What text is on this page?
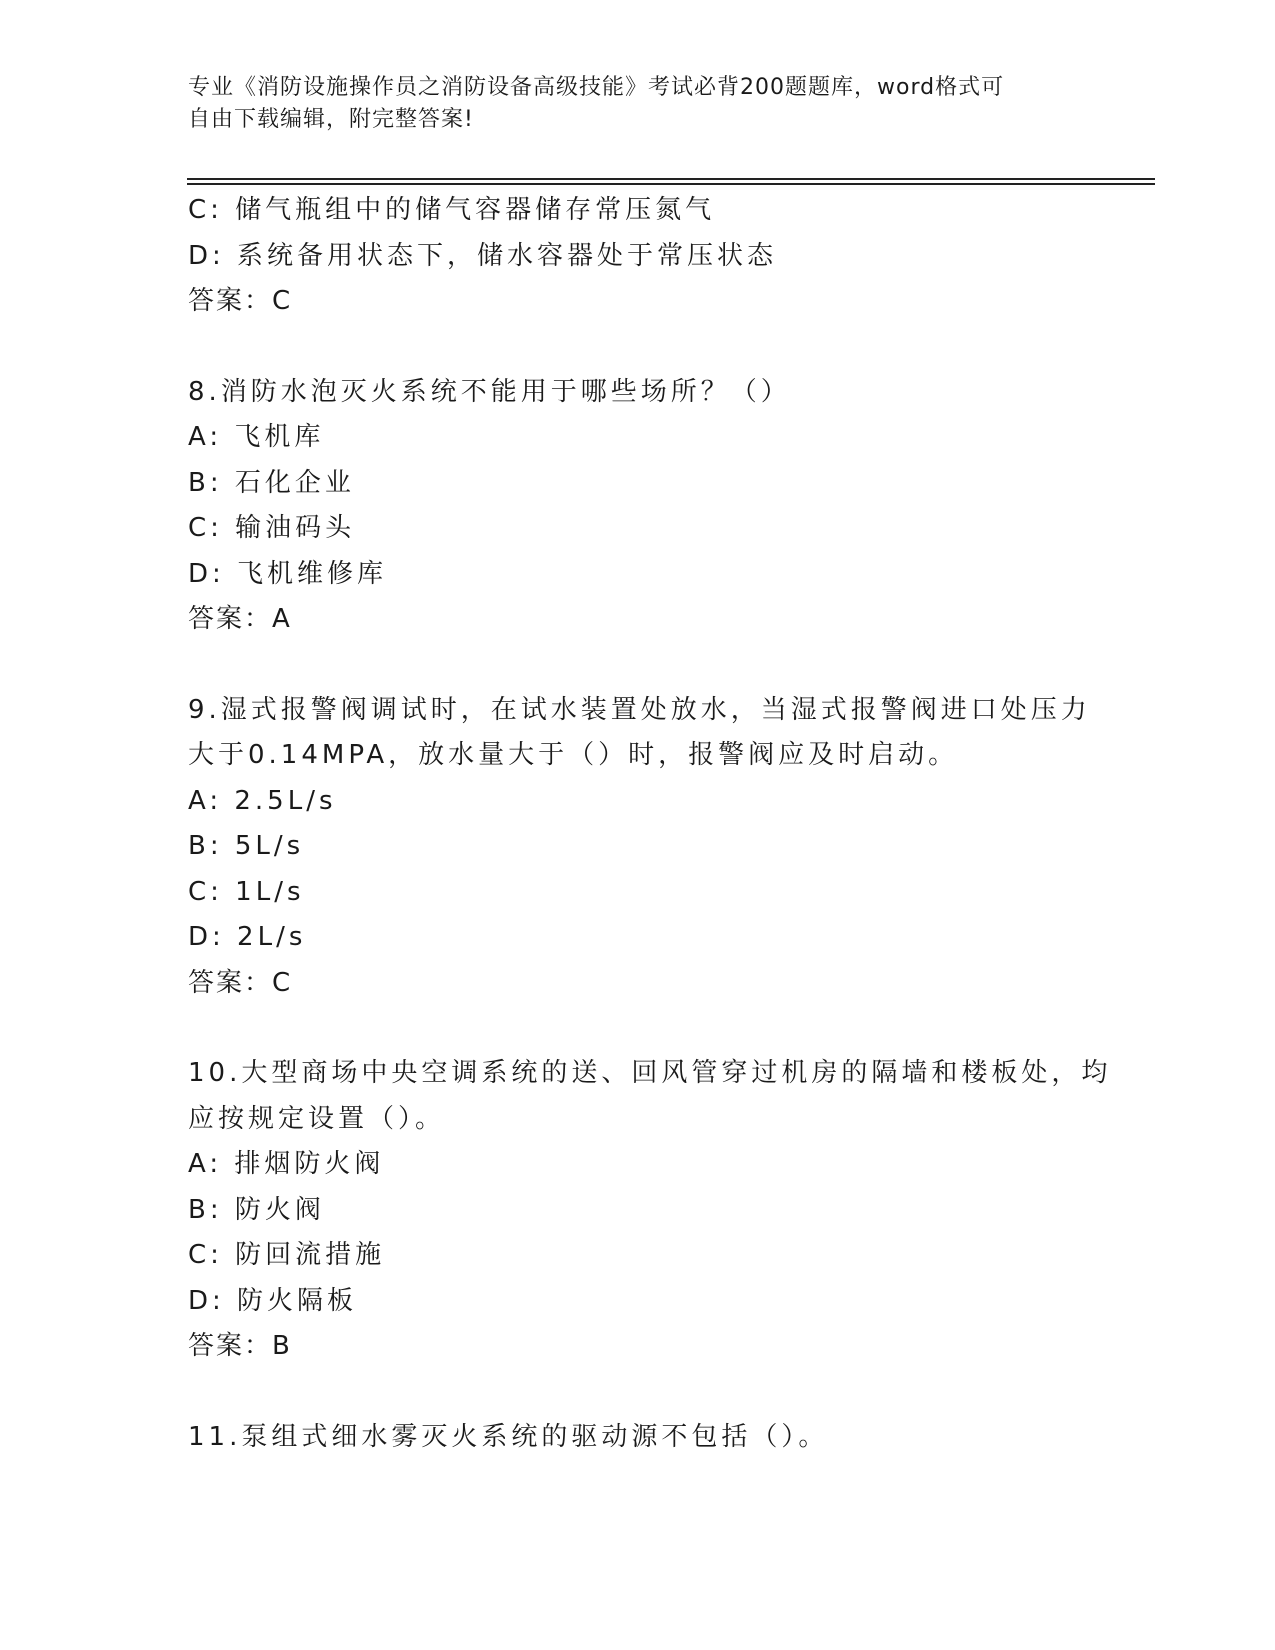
专业《消防设施操作员之消防设备高级技能》考试必背200题题库，word格式可
自由下载编辑，附完整答案!
C: 储气瓶组中的储气容器储存常压氮气
D: 系统备用状态下，储水容器处于常压状态
答案：C
8.消防水泡灭火系统不能用于哪些场所？（）
A: 飞机库
B: 石化企业
C: 输油码头
D: 飞机维修库
答案：A
9.湿式报警阀调试时，在试水装置处放水，当湿式报警阀进口处压力
大于0.14MPA，放水量大于（）时，报警阀应及时启动。
A: 2.5L/s
B: 5L/s
C: 1L/s
D: 2L/s
答案：C
10.大型商场中央空调系统的送、回风管穿过机房的隔墙和楼板处，均
应按规定设置（）。
A: 排烟防火阀
B: 防火阀
C: 防回流措施
D: 防火隔板
答案：B
11.泵组式细水雾灭火系统的驱动源不包括（）。
